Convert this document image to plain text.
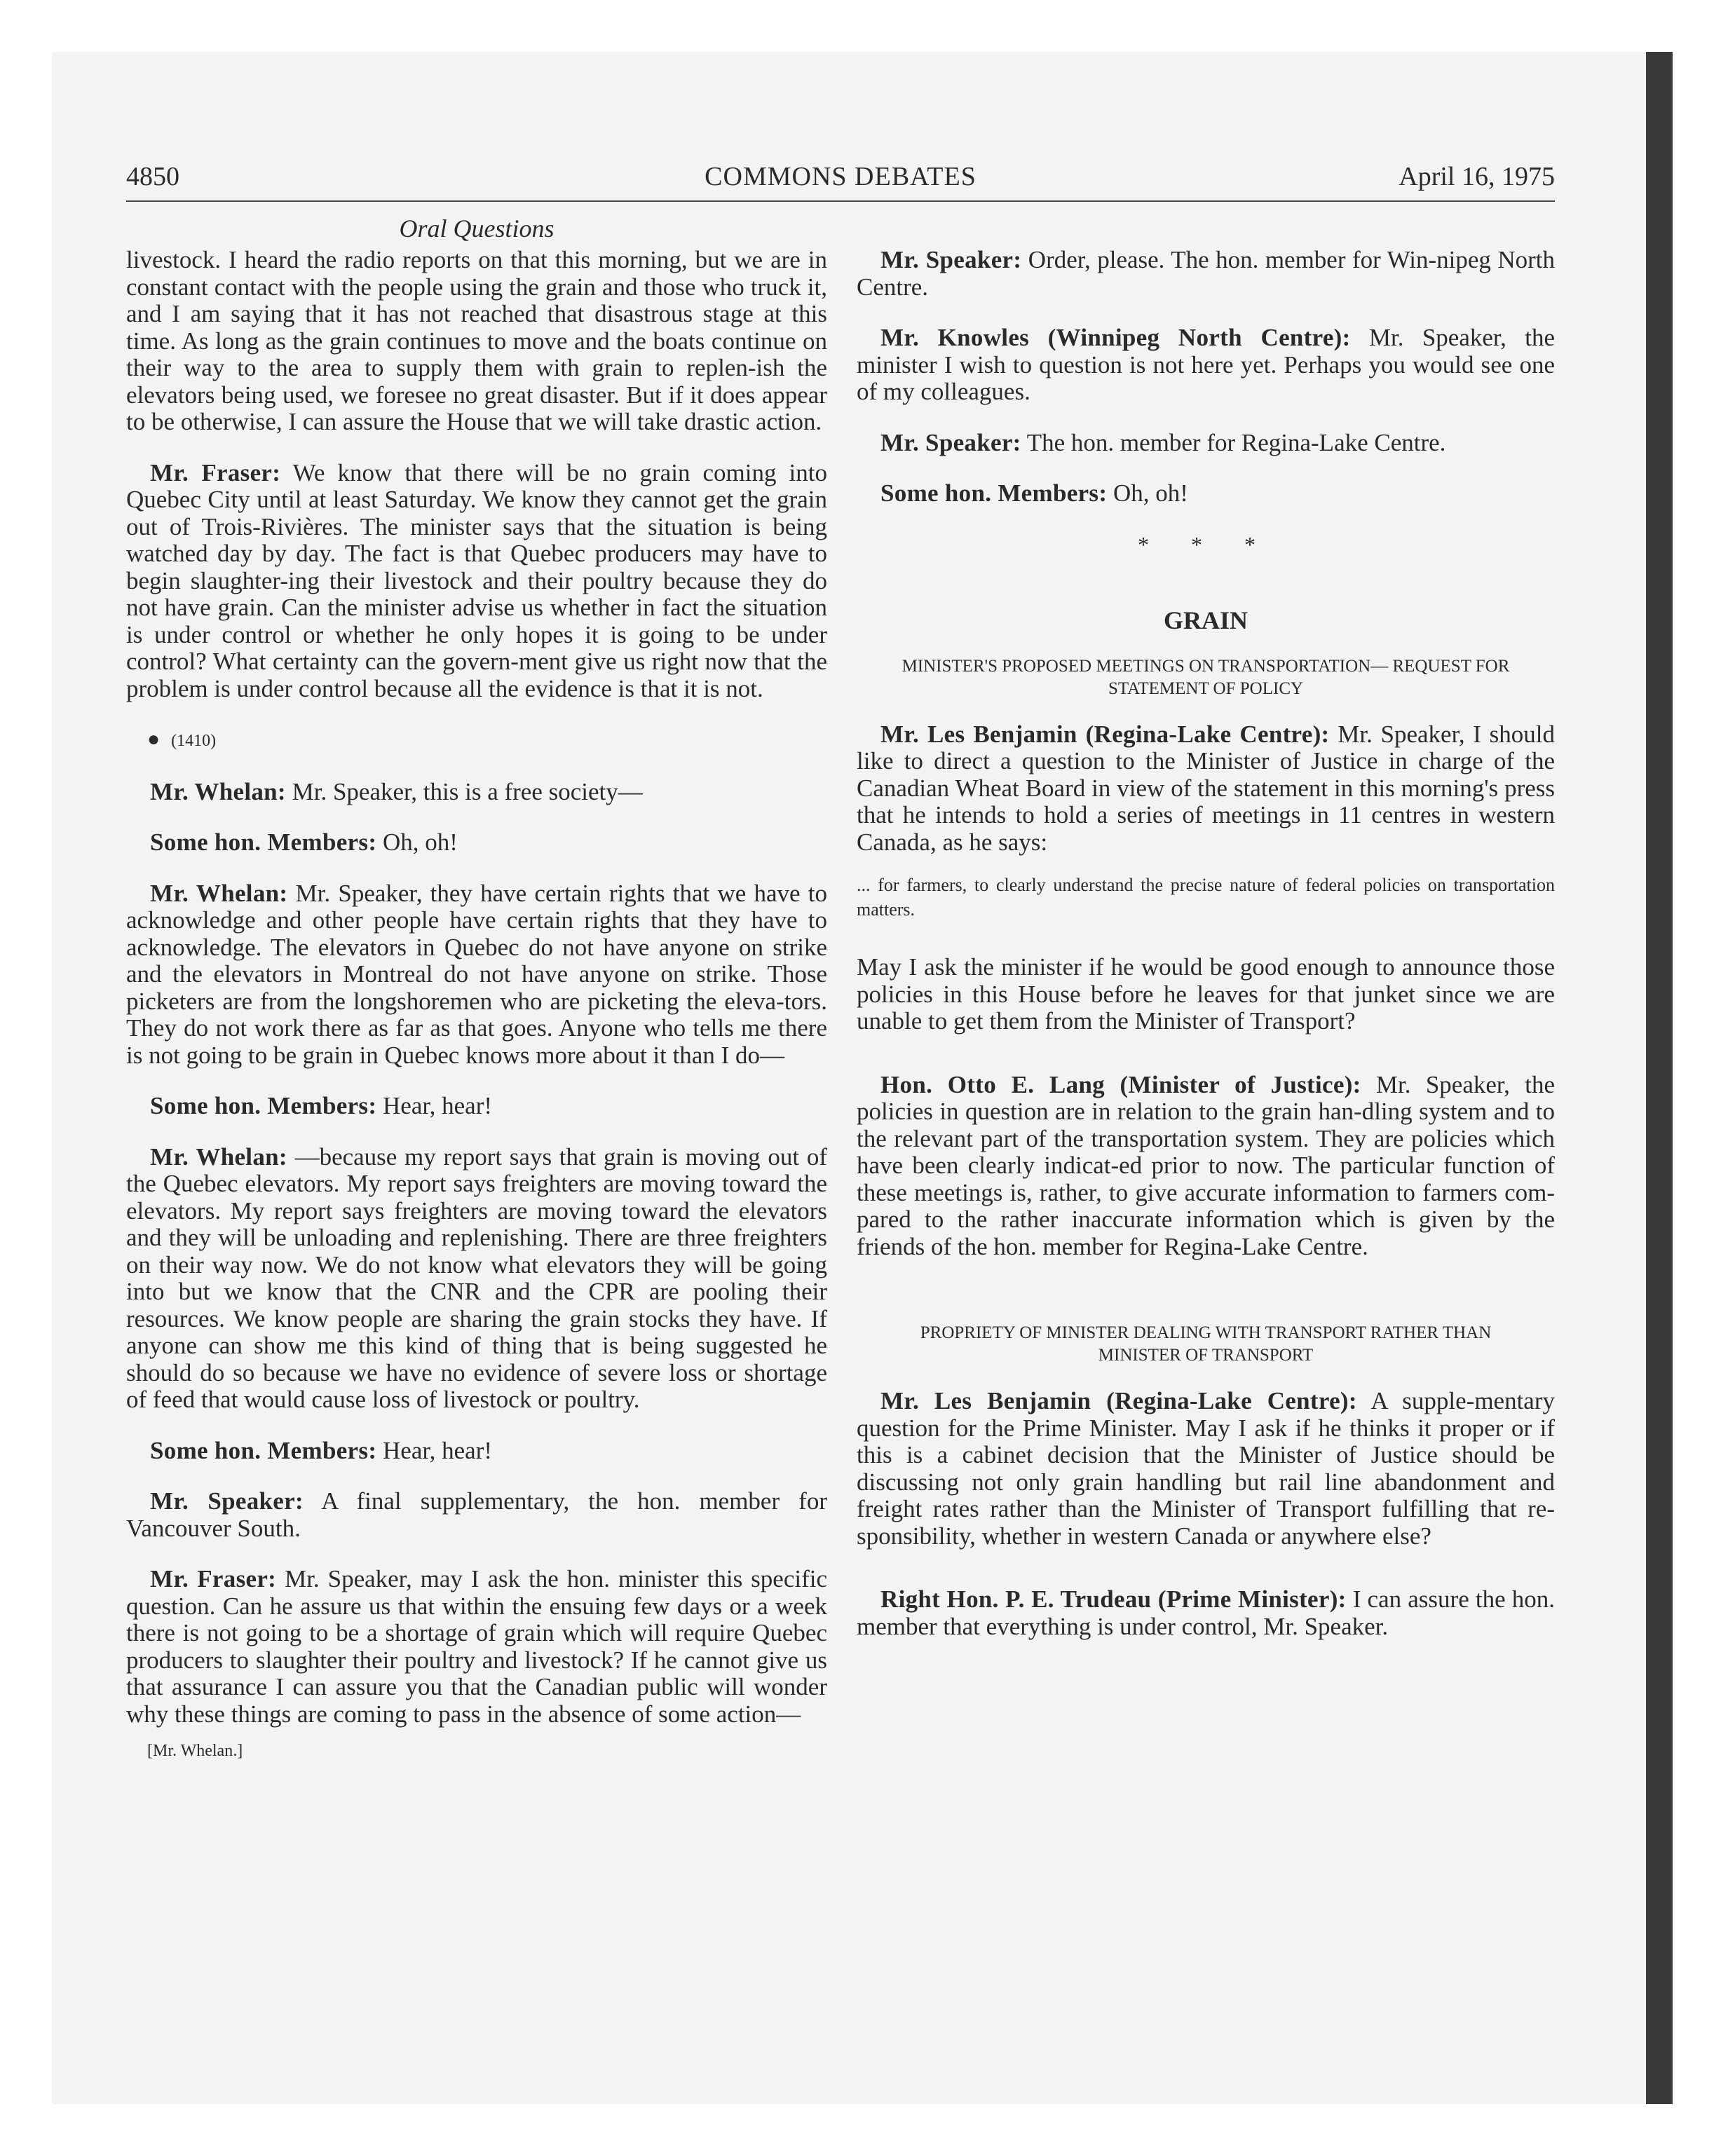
4850	COMMONS DEBATES	April 16, 1975
Oral Questions

livestock. I heard the radio reports on that this morning, but we are in constant contact with the people using the grain and those who truck it, and I am saying that it has not reached that disastrous stage at this time. As long as the grain continues to move and the boats continue on their way to the area to supply them with grain to replen-ish the elevators being used, we foresee no great disaster. But if it does appear to be otherwise, I can assure the House that we will take drastic action.

Mr. Fraser: We know that there will be no grain coming into Quebec City until at least Saturday. We know they cannot get the grain out of Trois-Rivières. The minister says that the situation is being watched day by day. The fact is that Quebec producers may have to begin slaughter-ing their livestock and their poultry because they do not have grain. Can the minister advise us whether in fact the situation is under control or whether he only hopes it is going to be under control? What certainty can the govern-ment give us right now that the problem is under control because all the evidence is that it is not.

● (1410)

Mr. Whelan: Mr. Speaker, this is a free society—

Some hon. Members: Oh, oh!

Mr. Whelan: Mr. Speaker, they have certain rights that we have to acknowledge and other people have certain rights that they have to acknowledge. The elevators in Quebec do not have anyone on strike and the elevators in Montreal do not have anyone on strike. Those picketers are from the longshoremen who are picketing the eleva-tors. They do not work there as far as that goes. Anyone who tells me there is not going to be grain in Quebec knows more about it than I do—

Some hon. Members: Hear, hear!

Mr. Whelan: —because my report says that grain is moving out of the Quebec elevators. My report says freighters are moving toward the elevators. My report says freighters are moving toward the elevators and they will be unloading and replenishing. There are three freighters on their way now. We do not know what elevators they will be going into but we know that the CNR and the CPR are pooling their resources. We know people are sharing the grain stocks they have. If anyone can show me this kind of thing that is being suggested he should do so because we have no evidence of severe loss or shortage of feed that would cause loss of livestock or poultry.

Some hon. Members: Hear, hear!

Mr. Speaker: A final supplementary, the hon. member for Vancouver South.

Mr. Fraser: Mr. Speaker, may I ask the hon. minister this specific question. Can he assure us that within the ensuing few days or a week there is not going to be a shortage of grain which will require Quebec producers to slaughter their poultry and livestock? If he cannot give us that assurance I can assure you that the Canadian public will wonder why these things are coming to pass in the absence of some action—

[Mr. Whelan.]

Mr. Speaker: Order, please. The hon. member for Win-nipeg North Centre.

Mr. Knowles (Winnipeg North Centre): Mr. Speaker, the minister I wish to question is not here yet. Perhaps you would see one of my colleagues.

Mr. Speaker: The hon. member for Regina-Lake Centre.

Some hon. Members: Oh, oh!

* * *
GRAIN
MINISTER'S PROPOSED MEETINGS ON TRANSPORTATION— REQUEST FOR STATEMENT OF POLICY

Mr. Les Benjamin (Regina-Lake Centre): Mr. Speaker, I should like to direct a question to the Minister of Justice in charge of the Canadian Wheat Board in view of the statement in this morning's press that he intends to hold a series of meetings in 11 centres in western Canada, as he says:

... for farmers, to clearly understand the precise nature of federal policies on transportation matters.

May I ask the minister if he would be good enough to announce those policies in this House before he leaves for that junket since we are unable to get them from the Minister of Transport?

Hon. Otto E. Lang (Minister of Justice): Mr. Speaker, the policies in question are in relation to the grain han-dling system and to the relevant part of the transportation system. They are policies which have been clearly indicat-ed prior to now. The particular function of these meetings is, rather, to give accurate information to farmers com-pared to the rather inaccurate information which is given by the friends of the hon. member for Regina-Lake Centre.

PROPRIETY OF MINISTER DEALING WITH TRANSPORT RATHER THAN MINISTER OF TRANSPORT

Mr. Les Benjamin (Regina-Lake Centre): A supple-mentary question for the Prime Minister. May I ask if he thinks it proper or if this is a cabinet decision that the Minister of Justice should be discussing not only grain handling but rail line abandonment and freight rates rather than the Minister of Transport fulfilling that re-sponsibility, whether in western Canada or anywhere else?

Right Hon. P. E. Trudeau (Prime Minister): I can assure the hon. member that everything is under control, Mr. Speaker.
